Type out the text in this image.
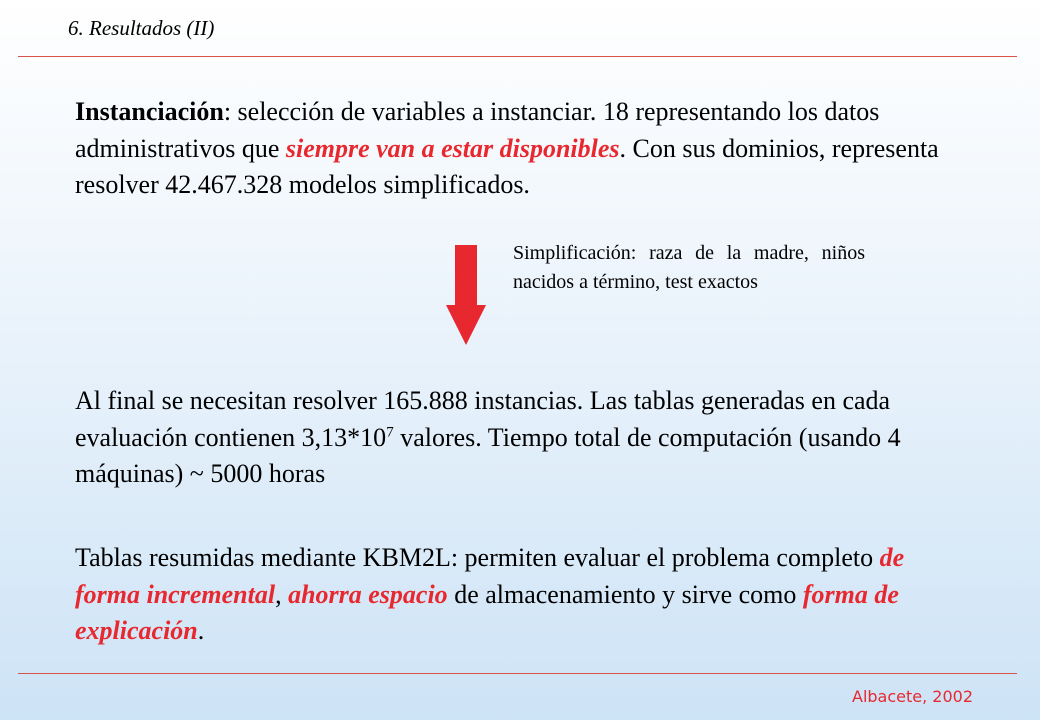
6. Resultados (II)
Instanciación: selección de variables a instanciar. 18 representando los datos administrativos que siempre van a estar disponibles. Con sus dominios, representa resolver 42.467.328 modelos simplificados.
Simplificación: raza de la madre, niños nacidos a término, test exactos
Al final se necesitan resolver 165.888 instancias. Las tablas generadas en cada evaluación contienen $3,13*10^7$ valores. Tiempo total de computación (usando 4 máquinas) ~ 5000 horas
Tablas resumidas mediante KBM2L: permiten evaluar el problema completo de forma incremental, ahorra espacio de almacenamiento y sirve como forma de explicación.
Albacete, 2002
